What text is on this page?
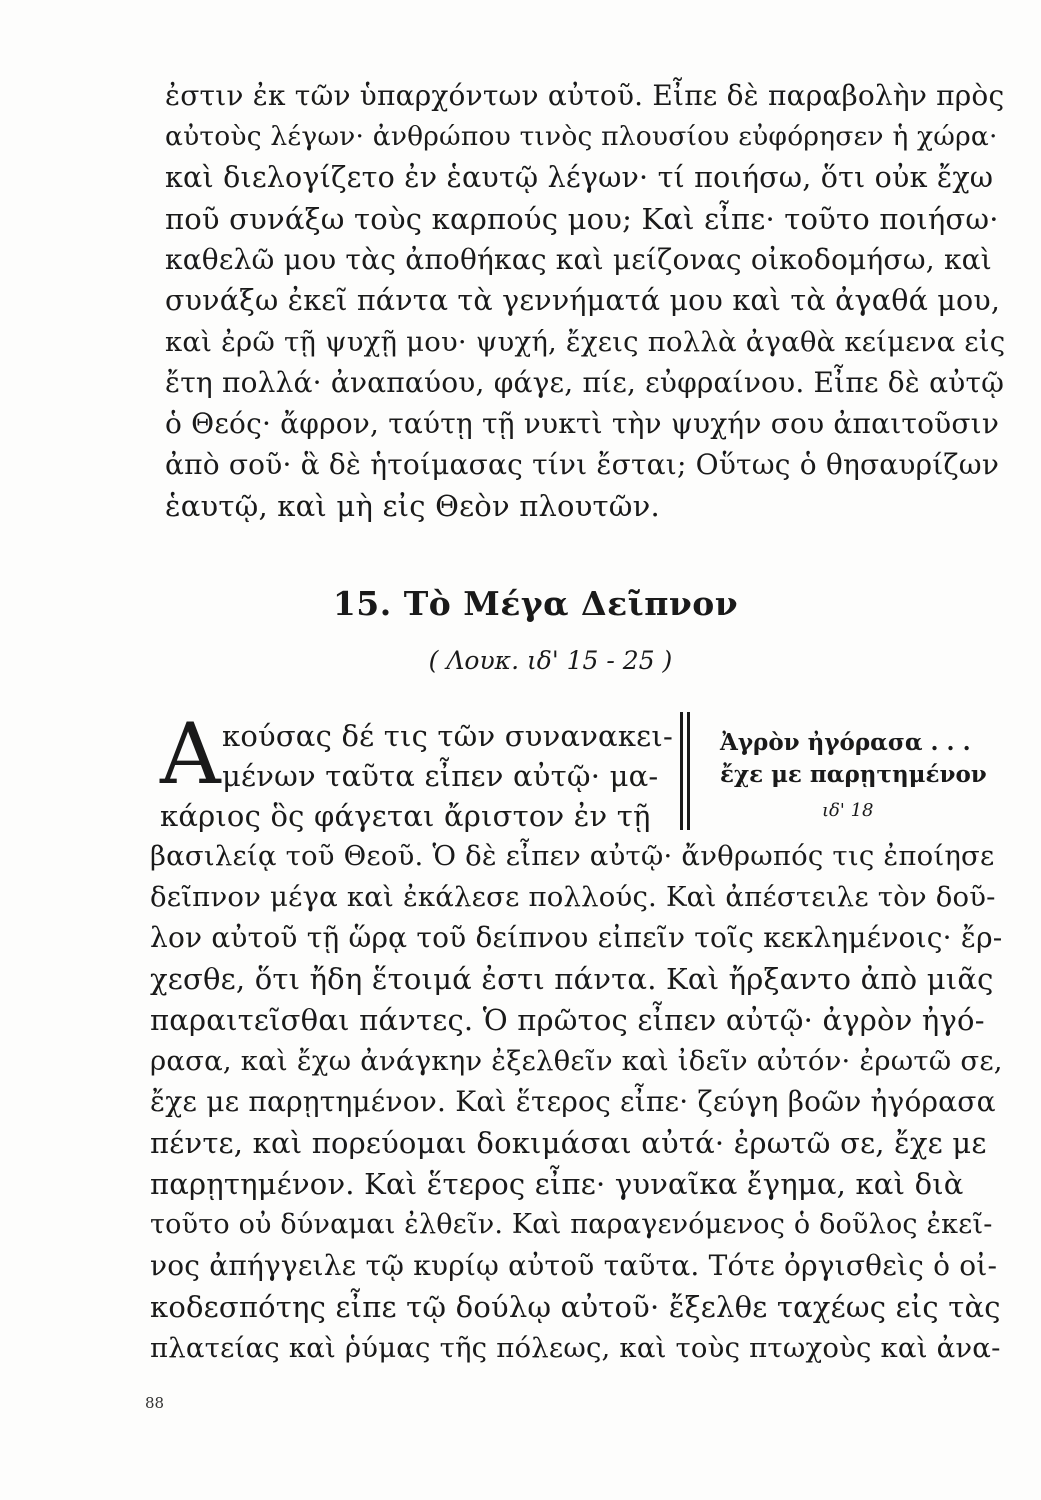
ἐστιν ἐκ τῶν ὑπαρχόντων αὐτοῦ. Εἶπε δὲ παραβολὴν πρὸς
αὐτοὺς λέγων· ἀνθρώπου τινὸς πλουσίου εὐφόρησεν ἡ χώρα·
καὶ διελογίζετο ἐν ἑαυτῷ λέγων· τί ποιήσω, ὅτι οὐκ ἔχω
ποῦ συνάξω τοὺς καρπούς μου; Καὶ εἶπε· τοῦτο ποιήσω·
καθελῶ μου τὰς ἀποθήκας καὶ μείζονας οἰκοδομήσω, καὶ
συνάξω ἐκεῖ πάντα τὰ γεννήματά μου καὶ τὰ ἀγαθά μου,
καὶ ἐρῶ τῇ ψυχῇ μου· ψυχή, ἔχεις πολλὰ ἀγαθὰ κείμενα εἰς
ἔτη πολλά· ἀναπαύου, φάγε, πίε, εὐφραίνου. Εἶπε δὲ αὐτῷ
ὁ Θεός· ἄφρον, ταύτῃ τῇ νυκτὶ τὴν ψυχήν σου ἀπαιτοῦσιν
ἀπὸ σοῦ· ἃ δὲ ἡτοίμασας τίνι ἔσται; Οὕτως ὁ θησαυρίζων
ἑαυτῷ, καὶ μὴ εἰς Θεὸν πλουτῶν.
15. Τὸ Μέγα Δεῖπνον
( Λουκ. ιδ' 15 - 25 )
Α κούσας δέ τις τῶν συνανακει-
μένων ταῦτα εἶπεν αὐτῷ· μα-
κάριος ὃς φάγεται ἄριστον ἐν τῇ
Ἀγρὸν ἠγόρασα . . .
ἔχε με παρῃτημένον
ιδ' 18
βασιλείᾳ τοῦ Θεοῦ. Ὁ δὲ εἶπεν αὐτῷ· ἄνθρωπός τις ἐποίησε
δεῖπνον μέγα καὶ ἐκάλεσε πολλούς. Καὶ ἀπέστειλε τὸν δοῦ-
λον αὐτοῦ τῇ ὥρᾳ τοῦ δείπνου εἰπεῖν τοῖς κεκλημένοις· ἔρ-
χεσθε, ὅτι ἤδη ἕτοιμά ἐστι πάντα. Καὶ ἤρξαντο ἀπὸ μιᾶς
παραιτεῖσθαι πάντες. Ὁ πρῶτος εἶπεν αὐτῷ· ἀγρὸν ἠγό-
ρασα, καὶ ἔχω ἀνάγκην ἐξελθεῖν καὶ ἰδεῖν αὐτόν· ἐρωτῶ σε,
ἔχε με παρῃτημένον. Καὶ ἕτερος εἶπε· ζεύγη βοῶν ἠγόρασα
πέντε, καὶ πορεύομαι δοκιμάσαι αὐτά· ἐρωτῶ σε, ἔχε με
παρῃτημένον. Καὶ ἕτερος εἶπε· γυναῖκα ἔγημα, καὶ διὰ
τοῦτο οὐ δύναμαι ἐλθεῖν. Καὶ παραγενόμενος ὁ δοῦλος ἐκεῖ-
νος ἀπήγγειλε τῷ κυρίῳ αὐτοῦ ταῦτα. Τότε ὀργισθεὶς ὁ οἰ-
κοδεσπότης εἶπε τῷ δούλῳ αὐτοῦ· ἔξελθε ταχέως εἰς τὰς
πλατείας καὶ ῥύμας τῆς πόλεως, καὶ τοὺς πτωχοὺς καὶ ἀνα-
88
